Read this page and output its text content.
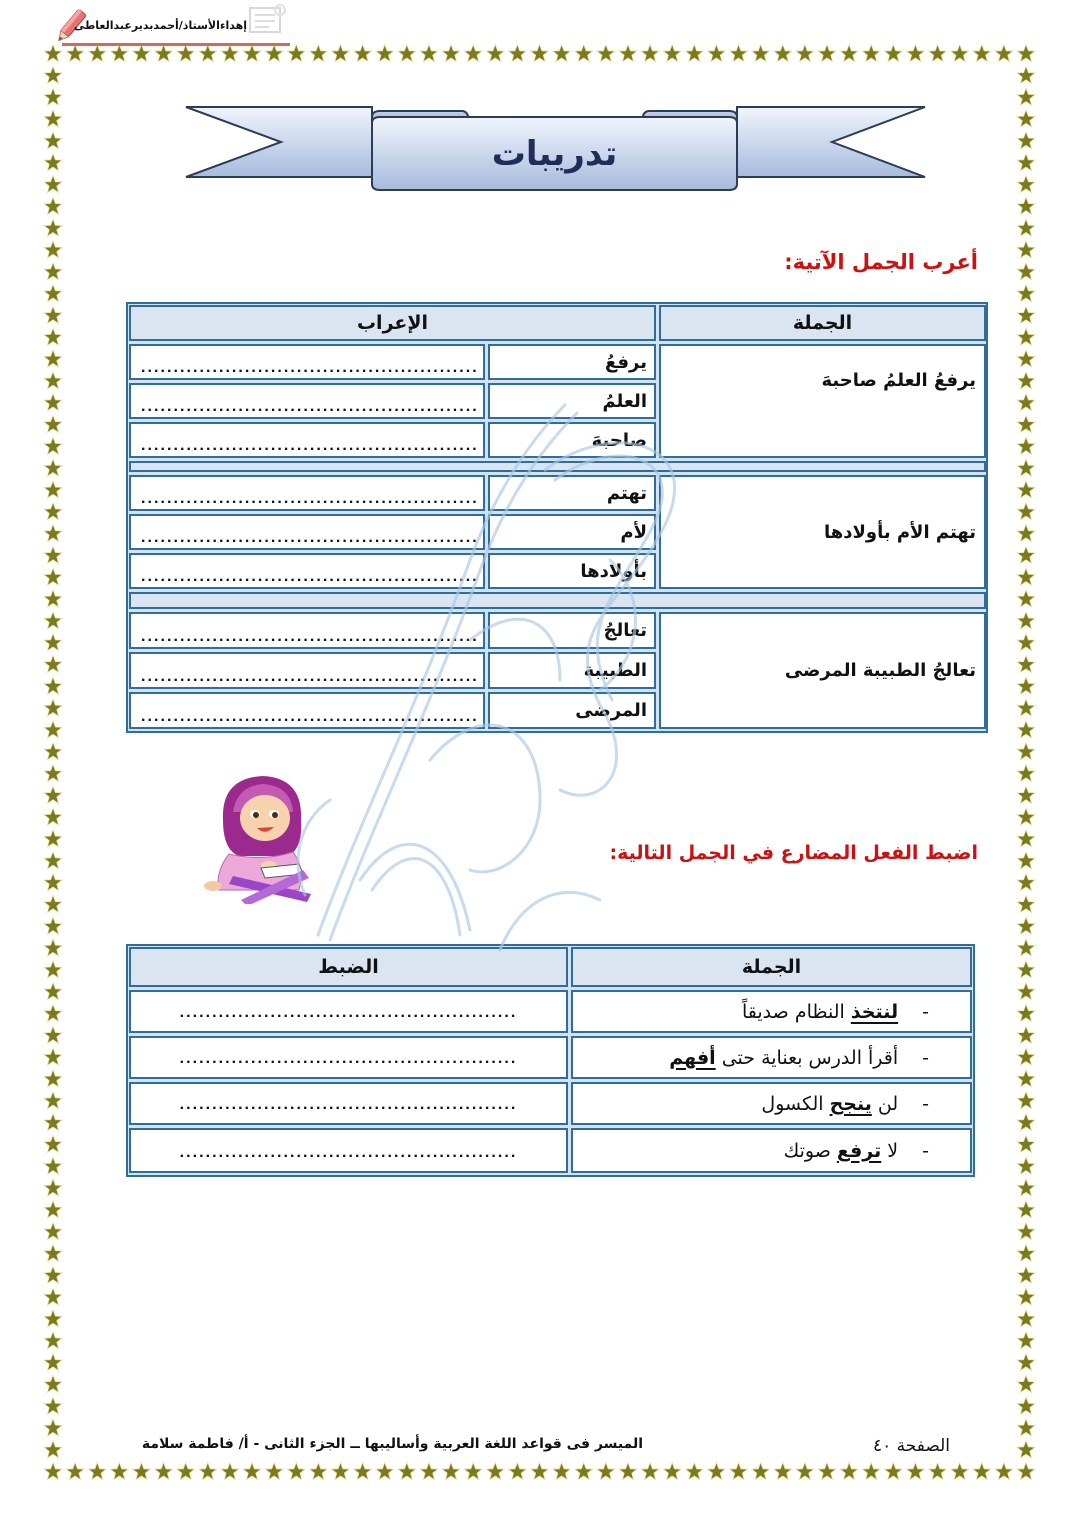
إهداءالأستاذ/أحمدبديرعبدالعاطى
تدريبات
أعرب الجمل الآتية:
الجملة
الإعراب
يرفعُ العلمُ صاحبهَ
يرفعُ
العلمُ
صاحبهَ
....................................................
....................................................
....................................................
تهتم الأم بأولادها
تهتم
لأم
بأولادها
....................................................
....................................................
....................................................
تعالجُ الطبيبة المرضى
تعالجُ
الطبيبة
المرضى
....................................................
....................................................
....................................................
اضبط الفعل المضارع في الجمل التالية:
الجملة
الضبط
-
لنتخذ النظام صديقاً
-
أقرأ الدرس بعناية حتى أفهم
-
لن ينجح الكسول
-
لا ترفع صوتك
....................................................
....................................................
....................................................
....................................................
الميسر فى قواعد اللغة العربية وأساليبها ــ الجزء الثانى - أ/ فاطمة سلامة	الصفحة ٤٠
